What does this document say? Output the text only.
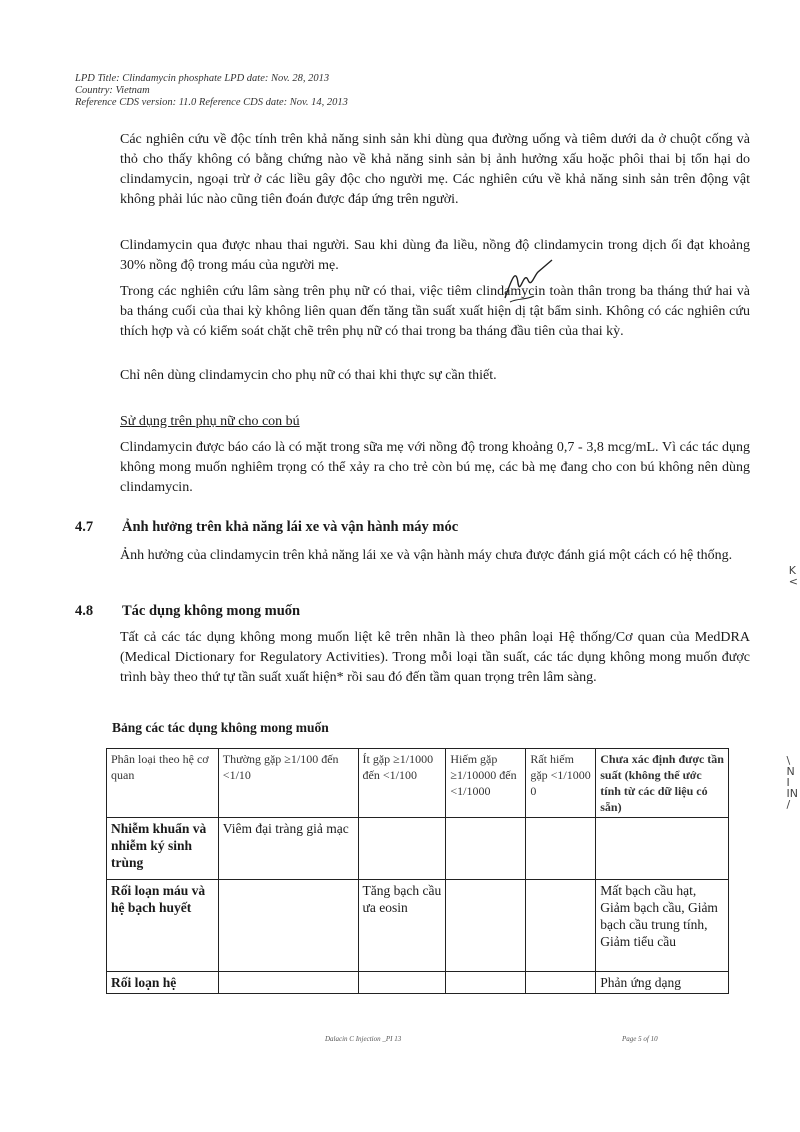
LPD Title: Clindamycin phosphate LPD date: Nov. 28, 2013
Country: Vietnam
Reference CDS version: 11.0 Reference CDS date: Nov. 14, 2013
Các nghiên cứu về độc tính trên khả năng sinh sản khi dùng qua đường uống và tiêm dưới da ở chuột cống và thỏ cho thấy không có bằng chứng nào về khả năng sinh sản bị ảnh hưởng xấu hoặc phôi thai bị tổn hại do clindamycin, ngoại trừ ở các liều gây độc cho người mẹ. Các nghiên cứu về khả năng sinh sản trên động vật không phải lúc nào cũng tiên đoán được đáp ứng trên người.
Clindamycin qua được nhau thai người. Sau khi dùng đa liều, nồng độ clindamycin trong dịch ối đạt khoảng 30% nồng độ trong máu của người mẹ.
Trong các nghiên cứu lâm sàng trên phụ nữ có thai, việc tiêm clindamycin toàn thân trong ba tháng thứ hai và ba tháng cuối của thai kỳ không liên quan đến tăng tần suất xuất hiện dị tật bẩm sinh. Không có các nghiên cứu thích hợp và có kiểm soát chặt chẽ trên phụ nữ có thai trong ba tháng đầu tiên của thai kỳ.
Chỉ nên dùng clindamycin cho phụ nữ có thai khi thực sự cần thiết.
Sử dụng trên phụ nữ cho con bú
Clindamycin được báo cáo là có mặt trong sữa mẹ với nồng độ trong khoảng 0,7 - 3,8 mcg/mL. Vì các tác dụng không mong muốn nghiêm trọng có thể xảy ra cho trẻ còn bú mẹ, các bà mẹ đang cho con bú không nên dùng clindamycin.
4.7 Ảnh hưởng trên khả năng lái xe và vận hành máy móc
Ảnh hưởng của clindamycin trên khả năng lái xe và vận hành máy chưa được đánh giá một cách có hệ thống.
4.8 Tác dụng không mong muốn
Tất cả các tác dụng không mong muốn liệt kê trên nhãn là theo phân loại Hệ thống/Cơ quan của MedDRA (Medical Dictionary for Regulatory Activities). Trong mỗi loại tần suất, các tác dụng không mong muốn được trình bày theo thứ tự tần suất xuất hiện* rồi sau đó đến tầm quan trọng trên lâm sàng.
Bảng các tác dụng không mong muốn
Phân loại theo hệ cơ quan	Thường gặp ≥1/100 đến <1/10	Ít gặp ≥1/1000 đến <1/100	Hiếm gặp ≥1/10000 đến <1/1000	Rất hiếm gặp <1/1000 0	Chưa xác định được tần suất (không thể ước tính từ các dữ liệu có sẵn)
Nhiễm khuẩn và nhiễm ký sinh trùng	Viêm đại tràng giả mạc				
Rối loạn máu và hệ bạch huyết		Tăng bạch cầu ưa eosin			Mất bạch cầu hạt, Giảm bạch cầu, Giảm bạch cầu trung tính, Giảm tiểu cầu
Rối loạn hệ					Phản ứng dạng
K
<
\
N
I
IN
/
Dalacin C Injection _PI 13	Page 5 of 10
